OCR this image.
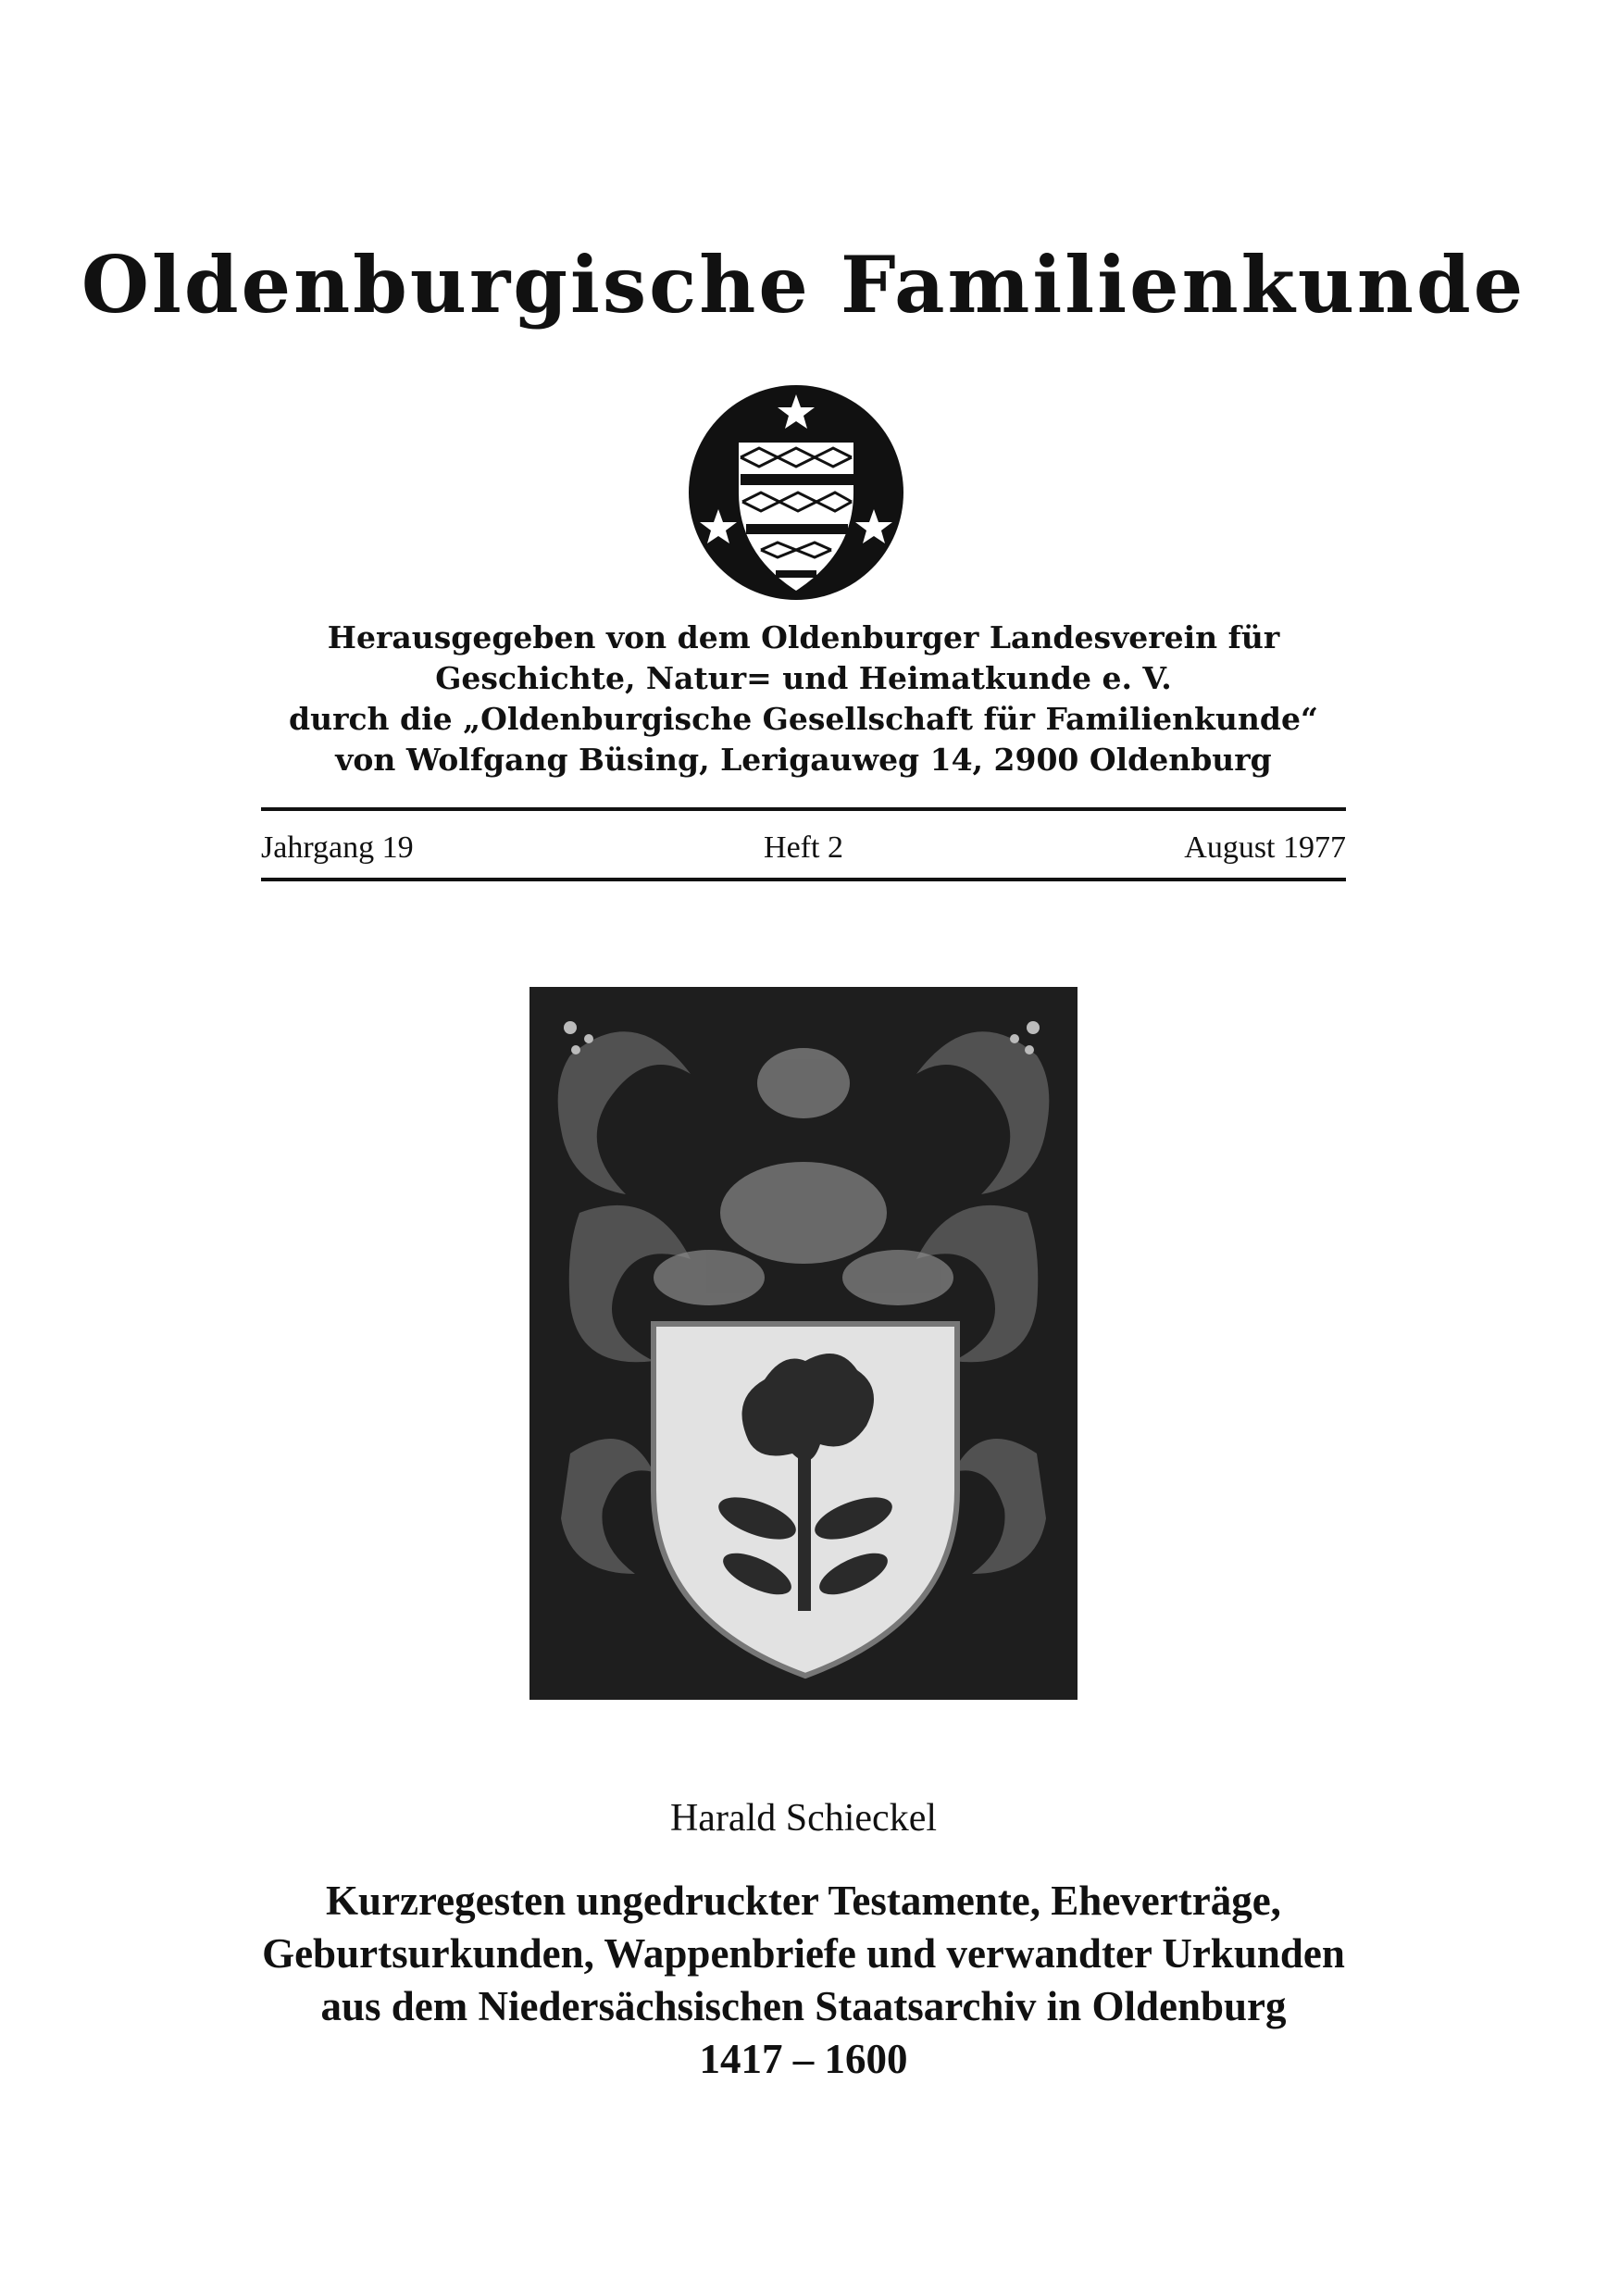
Oldenburgische Familienkunde
Herausgegeben von dem Oldenburger Landesverein für
Geschichte, Natur= und Heimatkunde e. V.
durch die „Oldenburgische Gesellschaft für Familienkunde“
von Wolfgang Büsing, Lerigauweg 14, 2900 Oldenburg
Jahrgang 19	Heft 2	August 1977
Harald Schieckel
Kurzregesten ungedruckter Testamente, Eheverträge,
Geburtsurkunden, Wappenbriefe und verwandter Urkunden
aus dem Niedersächsischen Staatsarchiv in Oldenburg
1417 – 1600
